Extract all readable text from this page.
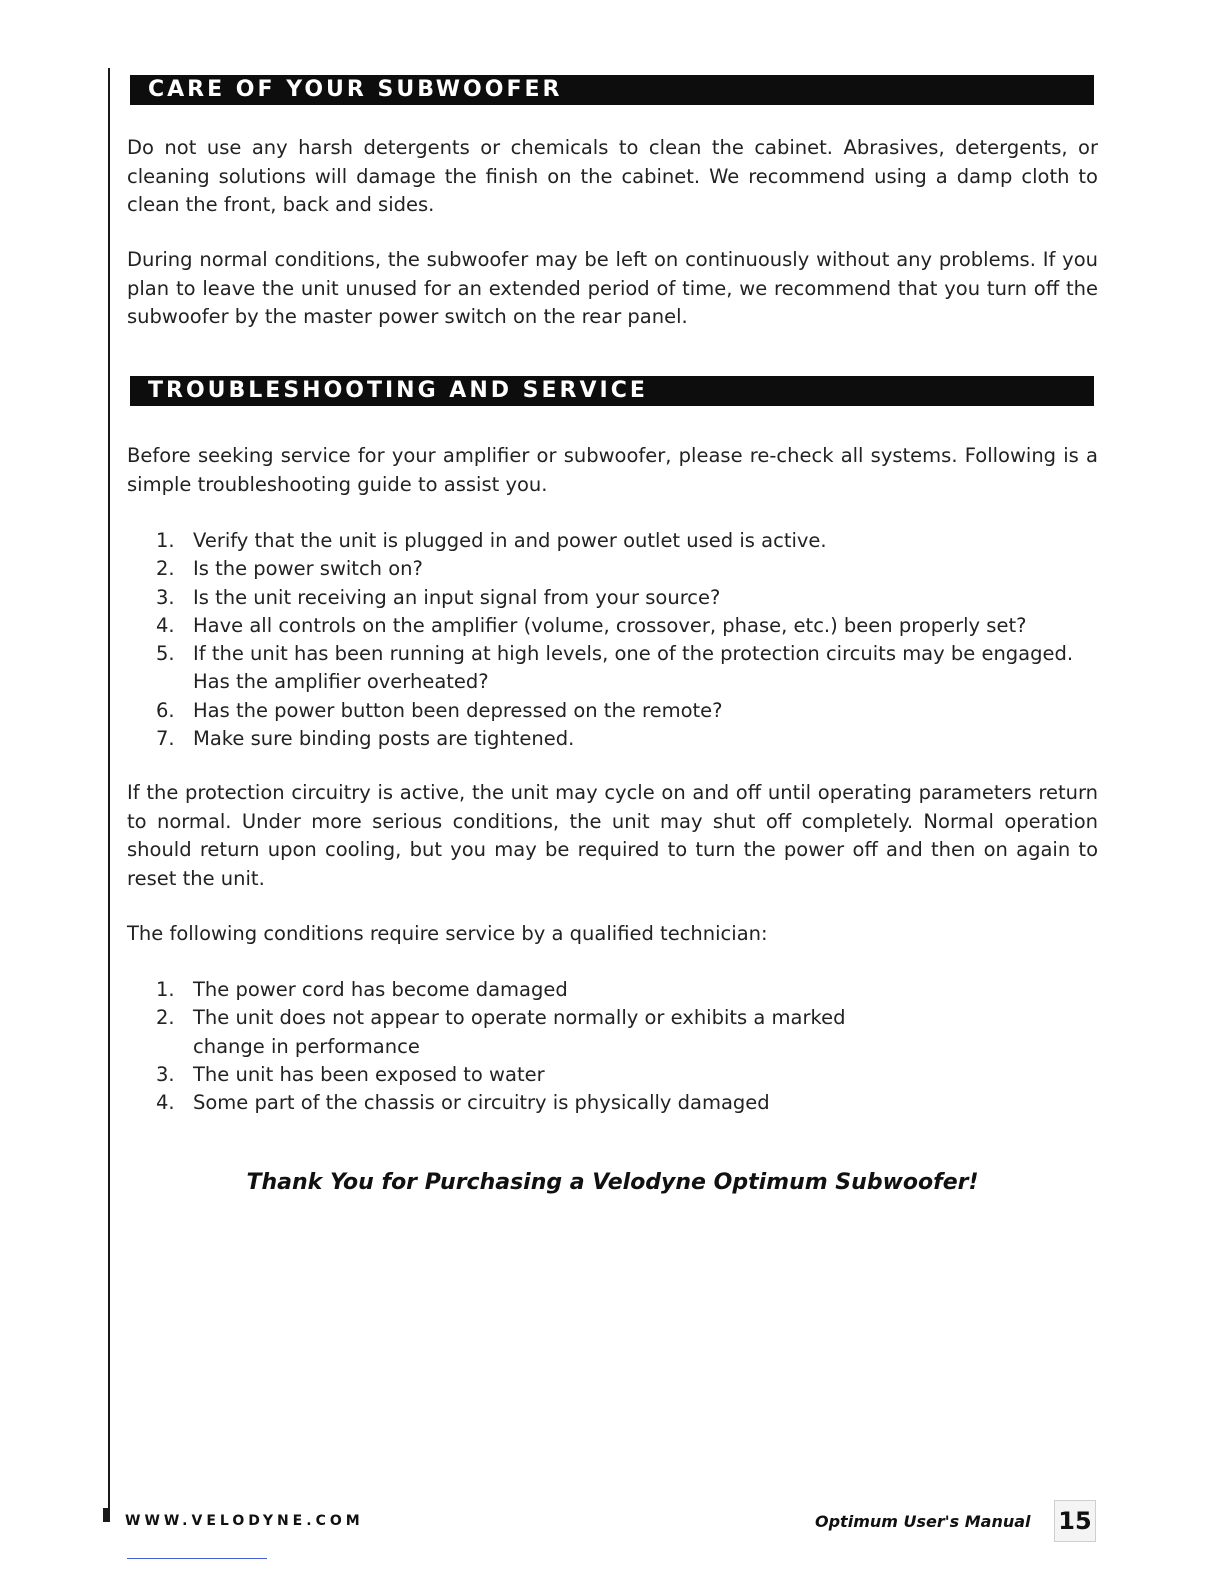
CARE OF YOUR SUBWOOFER

Do not use any harsh detergents or chemicals to clean the cabinet. Abrasives, detergents, or cleaning solutions will damage the finish on the cabinet. We recommend using a damp cloth to clean the front, back and sides.

During normal conditions, the subwoofer may be left on continuously without any problems. If you plan to leave the unit unused for an extended period of time, we recommend that you turn off the subwoofer by the master power switch on the rear panel.

TROUBLESHOOTING AND SERVICE

Before seeking service for your amplifier or subwoofer, please re-check all systems. Following is a simple troubleshooting guide to assist you.

1. Verify that the unit is plugged in and power outlet used is active.
2. Is the power switch on?
3. Is the unit receiving an input signal from your source?
4. Have all controls on the amplifier (volume, crossover, phase, etc.) been properly set?
5. If the unit has been running at high levels, one of the protection circuits may be engaged. Has the amplifier overheated?
6. Has the power button been depressed on the remote?
7. Make sure binding posts are tightened.

If the protection circuitry is active, the unit may cycle on and off until operating parameters return to normal. Under more serious conditions, the unit may shut off completely. Normal operation should return upon cooling, but you may be required to turn the power off and then on again to reset the unit.

The following conditions require service by a qualified technician:

1. The power cord has become damaged
2. The unit does not appear to operate normally or exhibits a marked change in performance
3. The unit has been exposed to water
4. Some part of the chassis or circuitry is physically damaged
Thank You for Purchasing a Velodyne Optimum Subwoofer!
WWW.VELODYNE.COM	Optimum User's Manual 15
